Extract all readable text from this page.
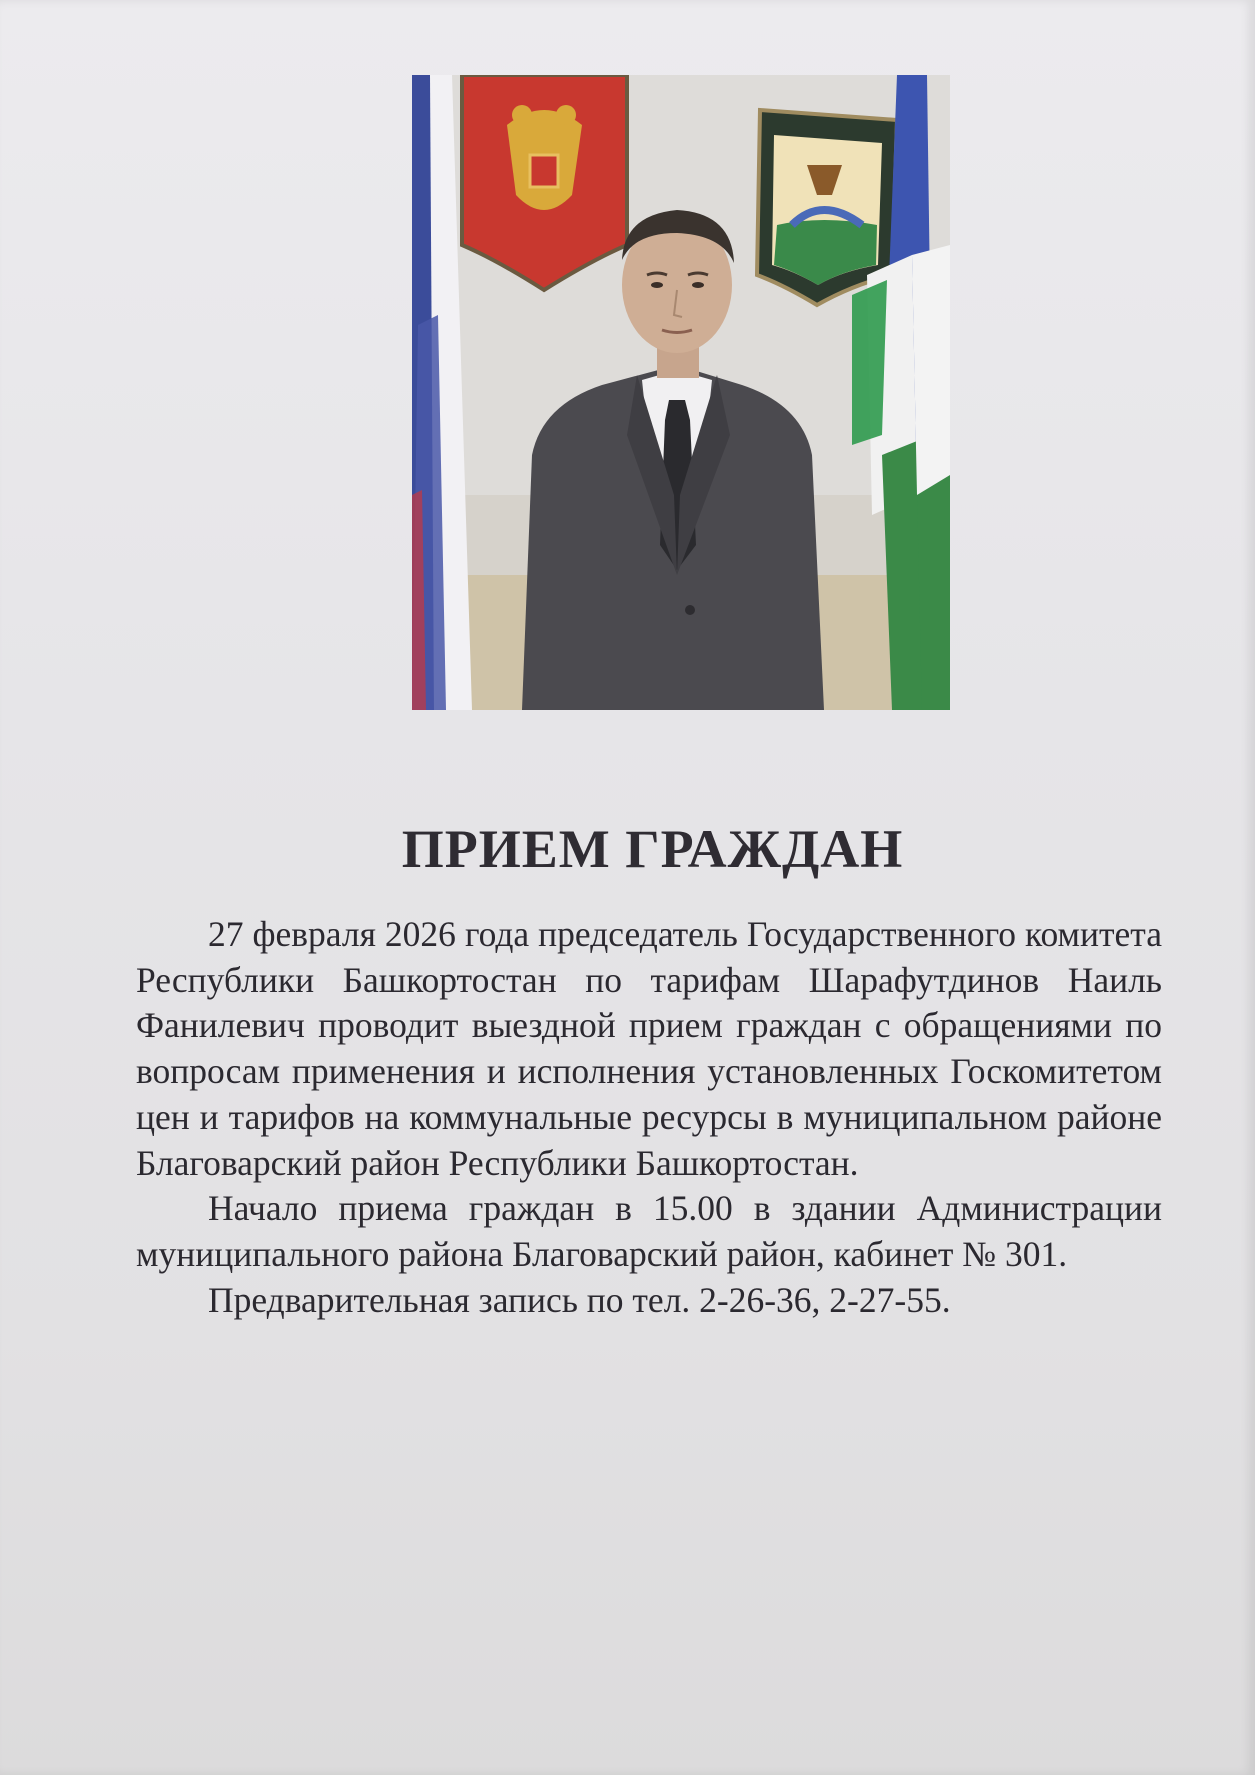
ПРИЕМ ГРАЖДАН

27 февраля 2026 года председатель Государственного комитета Республики Башкортостан по тарифам Шарафутдинов Наиль Фанилевич проводит выездной прием граждан с обращениями по вопросам применения и исполнения установленных Госкомитетом цен и тарифов на коммунальные ресурсы в муниципальном районе Благоварский район Республики Башкортостан.

Начало приема граждан в 15.00 в здании Администрации муниципального района Благоварский район, кабинет № 301.

Предварительная запись по тел. 2-26-36, 2-27-55.
